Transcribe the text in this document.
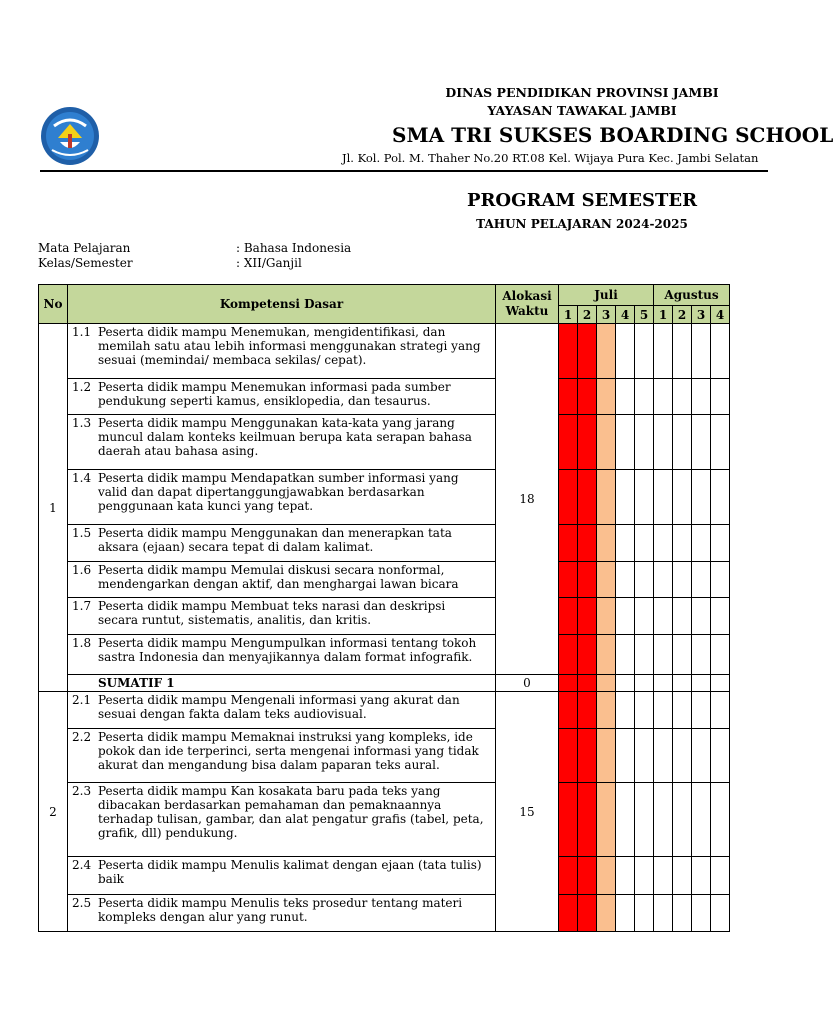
DINAS PENDIDIKAN PROVINSI JAMBI
YAYASAN TAWAKAL JAMBI
SMA TRI SUKSES BOARDING SCHOOL
Jl. Kol. Pol. M. Thaher No.20 RT.08 Kel. Wijaya Pura Kec. Jambi Selatan
PROGRAM SEMESTER
TAHUN PELAJARAN 2024-2025
Mata Pelajaran	: Bahasa Indonesia
Kelas/Semester	: XII/Ganjil
No	Kompetensi Dasar	Alokasi Waktu	Juli					Agustus			
			1	2	3	4	5	1	2	3	4
1	1.1 Peserta didik mampu Menemukan, mengidentifikasi, dan memilah satu atau lebih informasi menggunakan strategi yang sesuai (memindai/ membaca sekilas/ cepat).	18									
	1.2 Peserta didik mampu Menemukan informasi pada sumber pendukung seperti kamus, ensiklopedia, dan tesaurus.										
	1.3 Peserta didik mampu Menggunakan kata-kata yang jarang muncul dalam konteks keilmuan berupa kata serapan bahasa daerah atau bahasa asing.										
	1.4 Peserta didik mampu Mendapatkan sumber informasi yang valid dan dapat dipertanggungjawabkan berdasarkan penggunaan kata kunci yang tepat.										
	1.5 Peserta didik mampu Menggunakan dan menerapkan tata aksara (ejaan) secara tepat di dalam kalimat.										
	1.6 Peserta didik mampu Memulai diskusi secara nonformal, mendengarkan dengan aktif, dan menghargai lawan bicara										
	1.7 Peserta didik mampu Membuat teks narasi dan deskripsi secara runtut, sistematis, analitis, dan kritis.										
	1.8 Peserta didik mampu Mengumpulkan informasi tentang tokoh sastra Indonesia dan menyajikannya dalam format infografik.										
	SUMATIF 1	0									
2	2.1 Peserta didik mampu Mengenali informasi yang akurat dan sesuai dengan fakta dalam teks audiovisual.	15									
	2.2 Peserta didik mampu Memaknai instruksi yang kompleks, ide pokok dan ide terperinci, serta mengenai informasi yang tidak akurat dan mengandung bisa dalam paparan teks aural.										
	2.3 Peserta didik mampu Kan kosakata baru pada teks yang dibacakan berdasarkan pemahaman dan pemaknaannya terhadap tulisan, gambar, dan alat pengatur grafis (tabel, peta, grafik, dll) pendukung.										
	2.4 Peserta didik mampu Menulis kalimat dengan ejaan (tata tulis) baik										
	2.5 Peserta didik mampu Menulis teks prosedur tentang materi kompleks dengan alur yang runut.										
